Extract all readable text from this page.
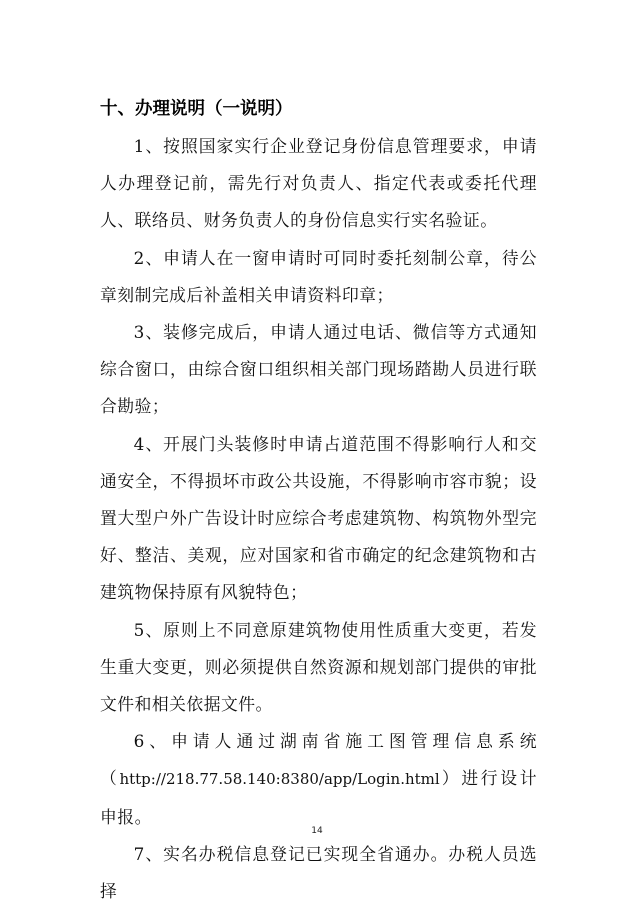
十、办理说明（一说明）

1、按照国家实行企业登记身份信息管理要求，申请人办理登记前，需先行对负责人、指定代表或委托代理人、联络员、财务负责人的身份信息实行实名验证。

2、申请人在一窗申请时可同时委托刻制公章，待公章刻制完成后补盖相关申请资料印章；

3、装修完成后，申请人通过电话、微信等方式通知综合窗口，由综合窗口组织相关部门现场踏勘人员进行联合勘验；

4、开展门头装修时申请占道范围不得影响行人和交通安全，不得损坏市政公共设施，不得影响市容市貌；设置大型户外广告设计时应综合考虑建筑物、构筑物外型完好、整洁、美观，应对国家和省市确定的纪念建筑物和古建筑物保持原有风貌特色；

5、原则上不同意原建筑物使用性质重大变更，若发生重大变更，则必须提供自然资源和规划部门提供的审批文件和相关依据文件。

6、申请人通过湖南省施工图管理信息系统（http://218.77.58.140:8380/app/Login.html）进行设计申报。

7、实名办税信息登记已实现全省通办。办税人员选择

14
